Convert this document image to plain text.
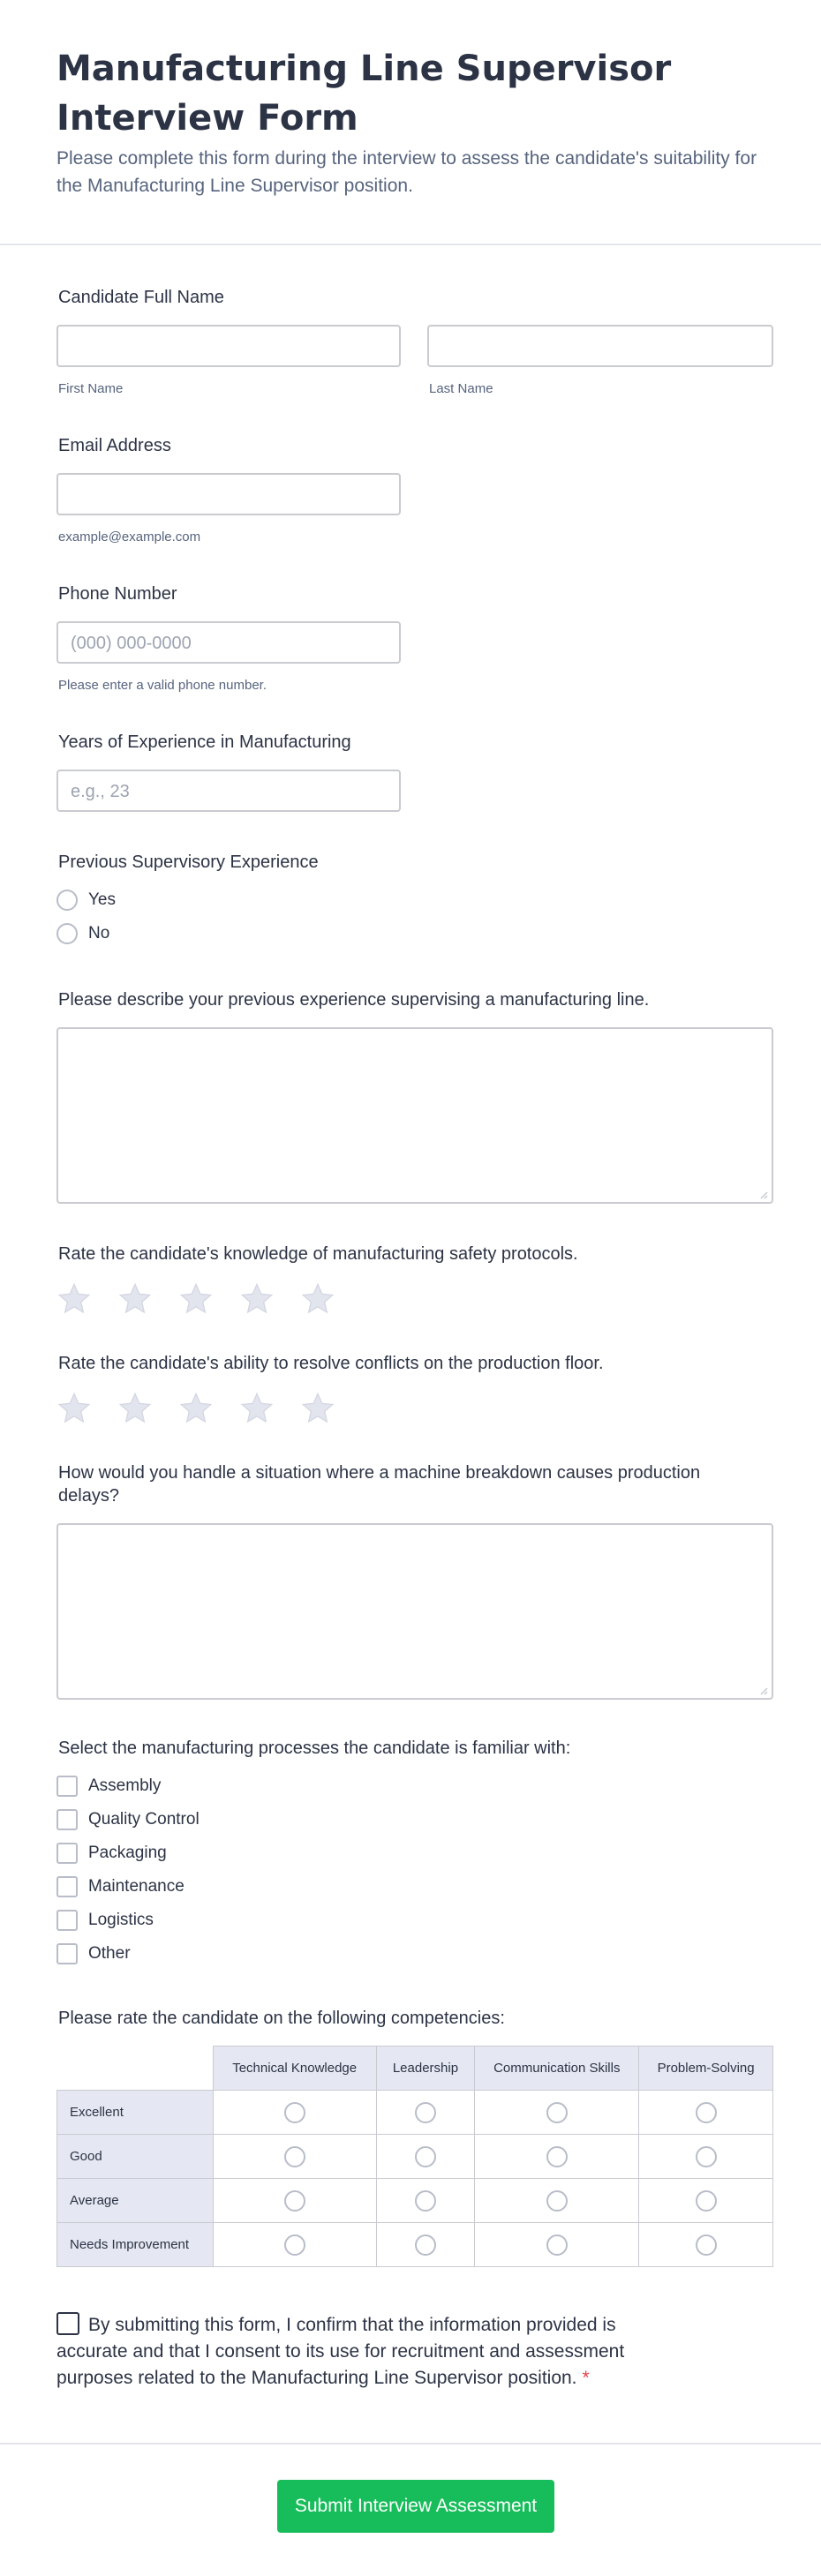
Manufacturing Line Supervisor Interview Form

Please complete this form during the interview to assess the candidate's suitability for the Manufacturing Line Supervisor position.

Candidate Full Name
First Name	Last Name
Email Address
example@example.com
Phone Number
(000) 000-0000
Please enter a valid phone number.
Years of Experience in Manufacturing
e.g., 23
Previous Supervisory Experience
Yes
No
Please describe your previous experience supervising a manufacturing line.
Rate the candidate's knowledge of manufacturing safety protocols.
Rate the candidate's ability to resolve conflicts on the production floor.
How would you handle a situation where a machine breakdown causes production delays?
Select the manufacturing processes the candidate is familiar with:
Assembly
Quality Control
Packaging
Maintenance
Logistics
Other
Please rate the candidate on the following competencies:
	Technical Knowledge	Leadership	Communication Skills	Problem-Solving
Excellent				
Good				
Average				
Needs Improvement				
By submitting this form, I confirm that the information provided is accurate and that I consent to its use for recruitment and assessment purposes related to the Manufacturing Line Supervisor position. *
Submit Interview Assessment
